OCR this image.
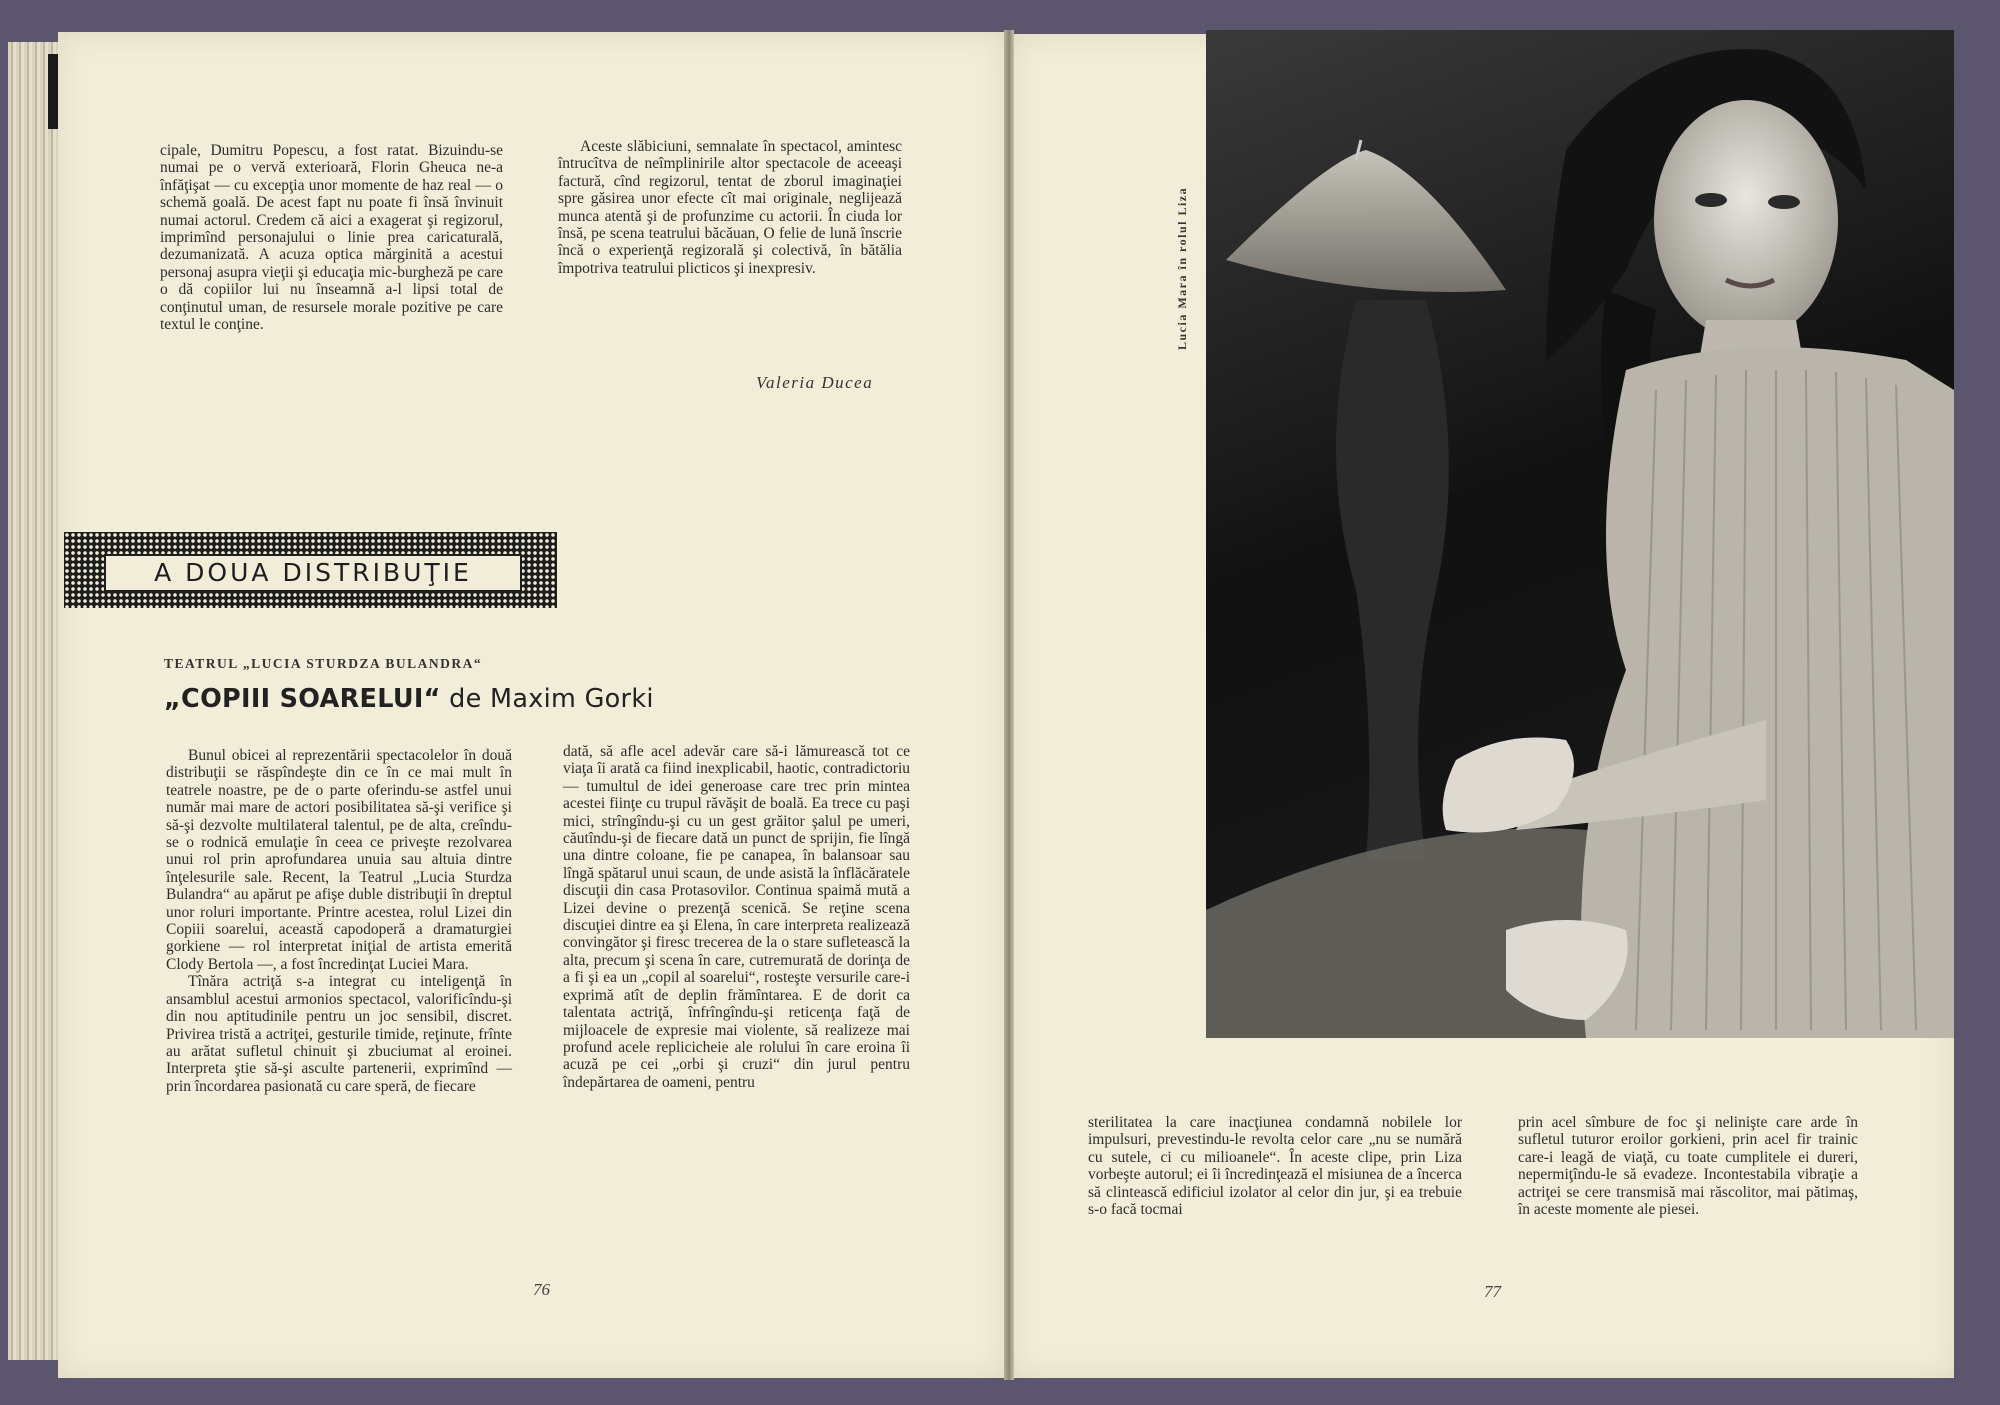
cipale, Dumitru Popescu, a fost ratat. Bizuindu-se numai pe o vervă exterioară, Florin Gheuca ne-a înfăţişat — cu excepţia unor momente de haz real — o schemă goală. De acest fapt nu poate fi însă învinuit numai actorul. Credem că aici a exagerat şi regizorul, imprimînd personajului o linie prea caricaturală, dezumanizată. A acuza optica mărginită a acestui personaj asupra vieţii şi educaţia mic-burgheză pe care o dă copiilor lui nu înseamnă a-l lipsi total de conţinutul uman, de resursele morale pozitive pe care textul le conţine.

Aceste slăbiciuni, semnalate în spectacol, amintesc întrucîtva de neîmplinirile altor spectacole de aceeaşi factură, cînd regizorul, tentat de zborul imaginaţiei spre găsirea unor efecte cît mai originale, neglijează munca atentă şi de profunzime cu actorii. În ciuda lor însă, pe scena teatrului băcăuan, O felie de lună înscrie încă o experienţă regizorală şi colectivă, în bătălia împotriva teatrului plicticos şi inexpresiv.

Valeria Ducea
A DOUA DISTRIBUŢIE
TEATRUL „LUCIA STURDZA BULANDRA“
„COPIII SOARELUI“ de Maxim Gorki

Bunul obicei al reprezentării spectacolelor în două distribuţii se răspîndeşte din ce în ce mai mult în teatrele noastre, pe de o parte oferindu-se astfel unui număr mai mare de actori posibilitatea să-şi verifice şi să-şi dezvolte multilateral talentul, pe de alta, creîndu-se o rodnică emulaţie în ceea ce priveşte rezolvarea unui rol prin aprofundarea unuia sau altuia dintre înţelesurile sale. Recent, la Teatrul „Lucia Sturdza Bulandra“ au apărut pe afişe duble distribuţii în dreptul unor roluri importante. Printre acestea, rolul Lizei din Copiii soarelui, această capodoperă a dramaturgiei gorkiene — rol interpretat iniţial de artista emerită Clody Bertola —, a fost încredinţat Luciei Mara.

Tînăra actriţă s-a integrat cu inteligenţă în ansamblul acestui armonios spectacol, valorificîndu-şi din nou aptitudinile pentru un joc sensibil, discret. Privirea tristă a actriţei, gesturile timide, reţinute, frînte au arătat sufletul chinuit şi zbuciumat al eroinei. Interpreta ştie să-şi asculte partenerii, exprimînd — prin încordarea pasionată cu care speră, de fiecare

dată, să afle acel adevăr care să-i lămurească tot ce viaţa îi arată ca fiind inexplicabil, haotic, contradictoriu — tumultul de idei generoase care trec prin mintea acestei fiinţe cu trupul răvăşit de boală. Ea trece cu paşi mici, strîngîndu-şi cu un gest grăitor şalul pe umeri, căutîndu-şi de fiecare dată un punct de sprijin, fie lîngă una dintre coloane, fie pe canapea, în balansoar sau lîngă spătarul unui scaun, de unde asistă la înflăcăratele discuţii din casa Protasovilor. Continua spaimă mută a Lizei devine o prezenţă scenică. Se reţine scena discuţiei dintre ea şi Elena, în care interpreta realizează convingător şi firesc trecerea de la o stare sufletească la alta, precum şi scena în care, cutremurată de dorinţa de a fi şi ea un „copil al soarelui“, rosteşte versurile care-i exprimă atît de deplin frămîntarea. E de dorit ca talentata actriţă, înfrîngîndu-şi reticenţa faţă de mijloacele de expresie mai violente, să realizeze mai profund acele replicicheie ale rolului în care eroina îi acuză pe cei „orbi şi cruzi“ din jurul pentru îndepărtarea de oameni, pentru

76
Lucia Mara în rolul Liza

sterilitatea la care inacţiunea condamnă nobilele lor impulsuri, prevestindu-le revolta celor care „nu se numără cu sutele, ci cu milioanele“. În aceste clipe, prin Liza vorbeşte autorul; ei îi încredinţează el misiunea de a încerca să clintească edificiul izolator al celor din jur, şi ea trebuie s-o facă tocmai

prin acel sîmbure de foc şi nelinişte care arde în sufletul tuturor eroilor gorkieni, prin acel fir trainic care-i leagă de viaţă, cu toate cumplitele ei dureri, nepermiţîndu-le să evadeze. Incontestabila vibraţie a actriţei se cere transmisă mai răscolitor, mai pătimaş, în aceste momente ale piesei.

77
